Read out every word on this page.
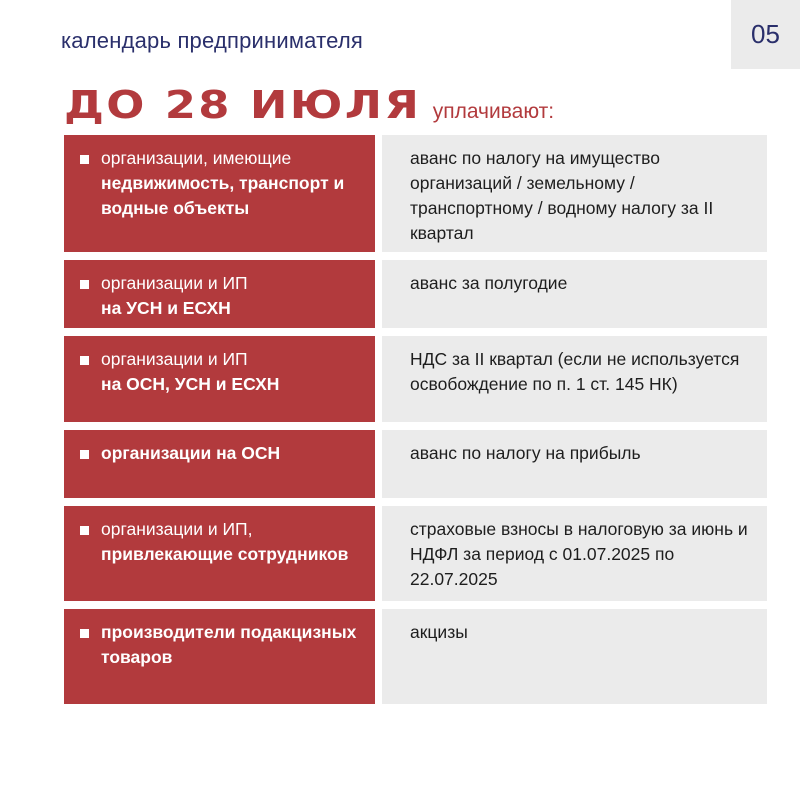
календарь предпринимателя	05
ДО 28 ИЮЛЯ уплачивают:
организации, имеющие
недвижимость, транспорт и водные объекты
аванс по налогу на имущество организаций / земельному / транспортному / водному налогу за II квартал
организации и ИП
на УСН и ЕСХН
аванс за полугодие
организации и ИП
на ОСН, УСН и ЕСХН
НДС за II квартал (если не используется освобождение по п. 1 ст. 145 НК)
организации на ОСН	аванс по налогу на прибыль
организации и ИП,
привлекающие сотрудников
страховые взносы в налоговую за июнь и НДФЛ за период с 01.07.2025 по 22.07.2025
производители подакцизных товаров
акцизы
